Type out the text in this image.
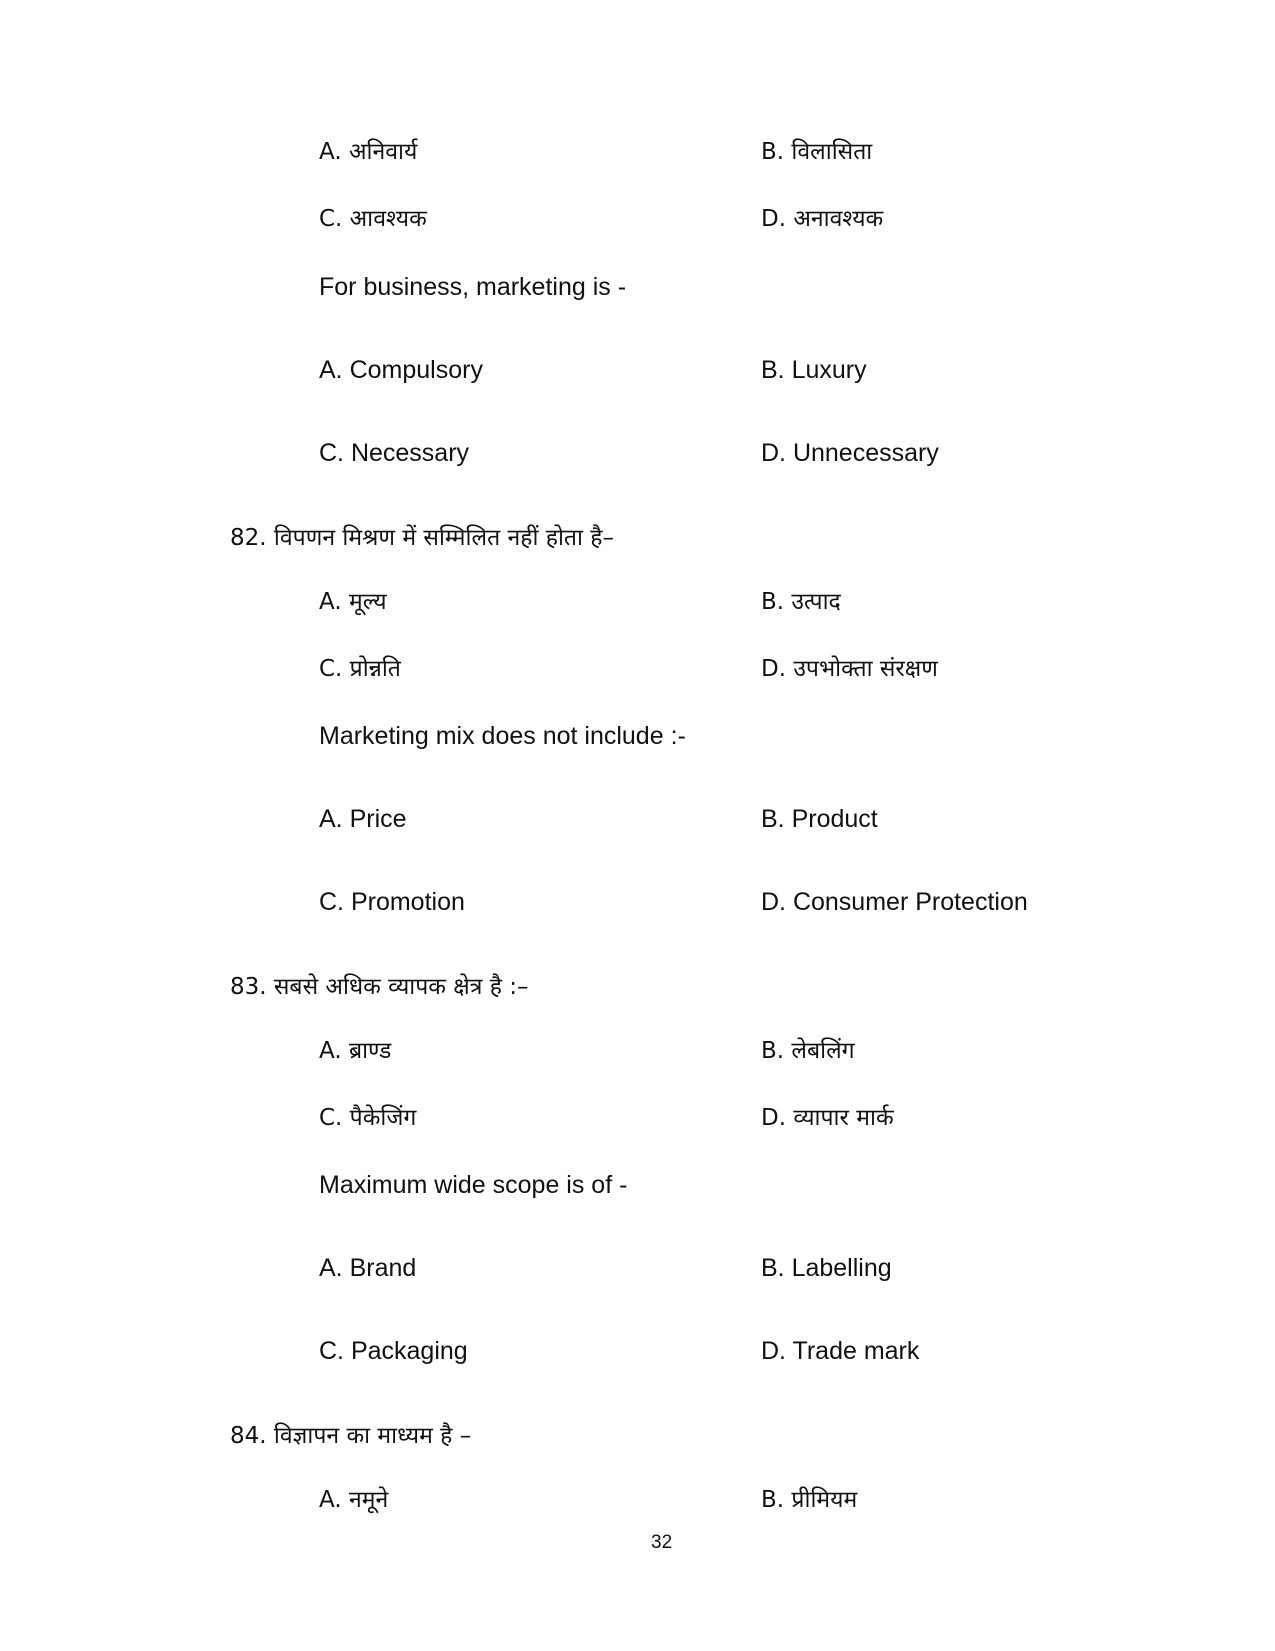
A. अनिवार्य	B. विलासिता
C. आवश्यक	D. अनावश्यक
For business, marketing is -
A. Compulsory	B. Luxury
C. Necessary	D. Unnecessary
82. विपणन मिश्रण में सम्मिलित नहीं होता है–
A. मूल्य	B. उत्पाद
C. प्रोन्नति	D. उपभोक्ता संरक्षण
Marketing mix does not include :-
A. Price	B. Product
C. Promotion	D. Consumer Protection
83. सबसे अधिक व्यापक क्षेत्र है :–
A. ब्राण्ड	B. लेबलिंग
C. पैकेजिंग	D. व्यापार मार्क
Maximum wide scope is of -
A. Brand	B. Labelling
C. Packaging	D. Trade mark
84. विज्ञापन का माध्यम है –
A. नमूने	B. प्रीमियम
32
